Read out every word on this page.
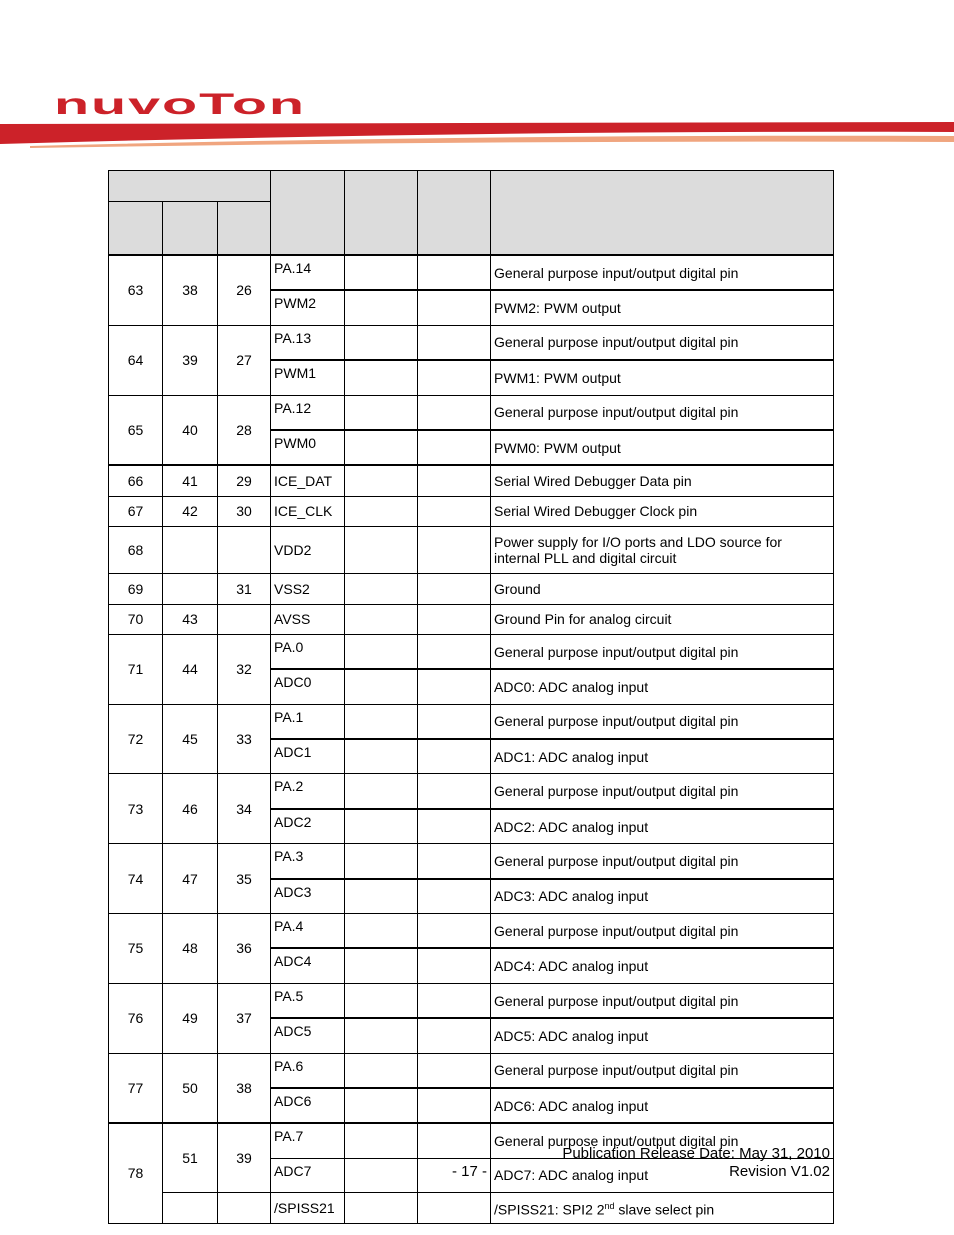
nuvoTon

63	38	26	PA.14			General purpose input/output digital pin
			PWM2			PWM2: PWM output
64	39	27	PA.13			General purpose input/output digital pin
			PWM1			PWM1: PWM output
65	40	28	PA.12			General purpose input/output digital pin
			PWM0			PWM0: PWM output
66	41	29	ICE_DAT			Serial Wired Debugger Data pin
67	42	30	ICE_CLK			Serial Wired Debugger Clock pin
68			VDD2			Power supply for I/O ports and LDO source for internal PLL and digital circuit
69		31	VSS2			Ground
70	43		AVSS			Ground Pin for analog circuit
71	44	32	PA.0			General purpose input/output digital pin
			ADC0			ADC0: ADC analog input
72	45	33	PA.1			General purpose input/output digital pin
			ADC1			ADC1: ADC analog input
73	46	34	PA.2			General purpose input/output digital pin
			ADC2			ADC2: ADC analog input
74	47	35	PA.3			General purpose input/output digital pin
			ADC3			ADC3: ADC analog input
75	48	36	PA.4			General purpose input/output digital pin
			ADC4			ADC4: ADC analog input
76	49	37	PA.5			General purpose input/output digital pin
			ADC5			ADC5: ADC analog input
77	50	38	PA.6			General purpose input/output digital pin
			ADC6			ADC6: ADC analog input
78	51	39	PA.7			General purpose input/output digital pin
			ADC7			ADC7: ADC analog input
			/SPISS21			/SPISS21: SPI2 2nd slave select pin
Publication Release Date: May 31, 2010
- 17 -	Revision V1.02
